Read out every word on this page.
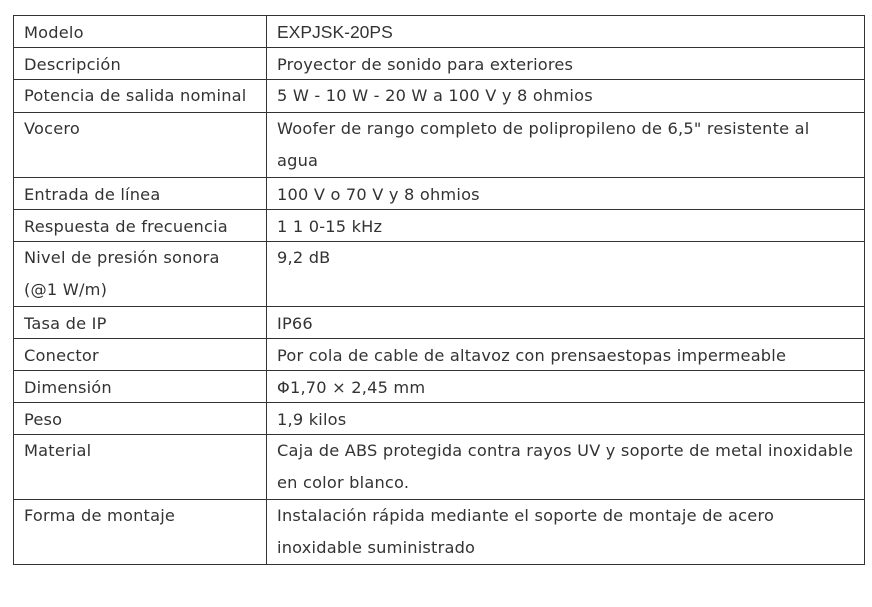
Modelo	EXPJSK-20PS
Descripción	Proyector de sonido para exteriores
Potencia de salida nominal	5 W - 10 W - 20 W a 100 V y 8 ohmios
Vocero	Woofer de rango completo de polipropileno de 6,5" resistente al agua
Entrada de línea	100 V o 70 V y 8 ohmios
Respuesta de frecuencia	1 1 0-15 kHz
Nivel de presión sonora (@1 W/m)	9,2 dB
Tasa de IP	IP66
Conector	Por cola de cable de altavoz con prensaestopas impermeable
Dimensión	Φ1,70 × 2,45 mm
Peso	1,9 kilos
Material	Caja de ABS protegida contra rayos UV y soporte de metal inoxidable en color blanco.
Forma de montaje	Instalación rápida mediante el soporte de montaje de acero inoxidable suministrado
